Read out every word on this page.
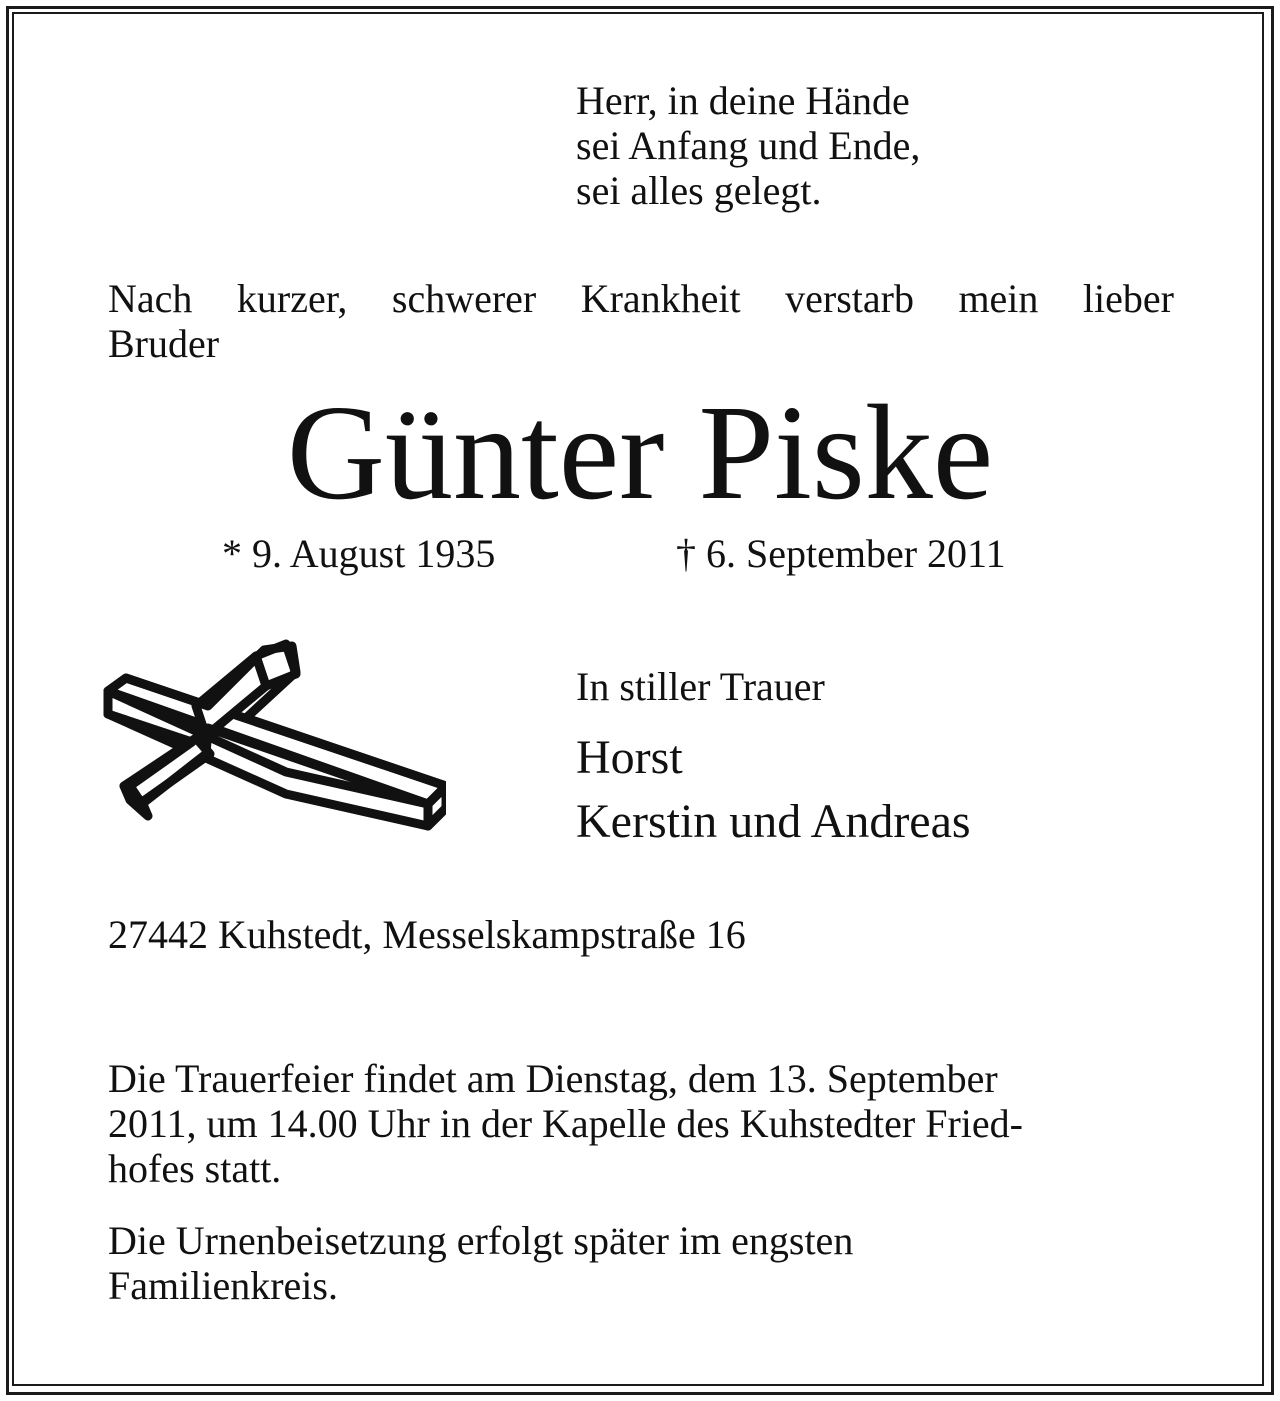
Herr, in deine Hände
sei Anfang und Ende,
sei alles gelegt.
Nach kurzer, schwerer Krankheit verstarb mein lieber
Bruder
Günter Piske
* 9. August 1935	† 6. September 2011
In stiller Trauer
Horst
Kerstin und Andreas
27442 Kuhstedt, Messelskampstraße 16
Die Trauerfeier findet am Dienstag, dem 13. September
2011, um 14.00 Uhr in der Kapelle des Kuhstedter Fried-
hofes statt.
Die Urnenbeisetzung erfolgt später im engsten
Familienkreis.
